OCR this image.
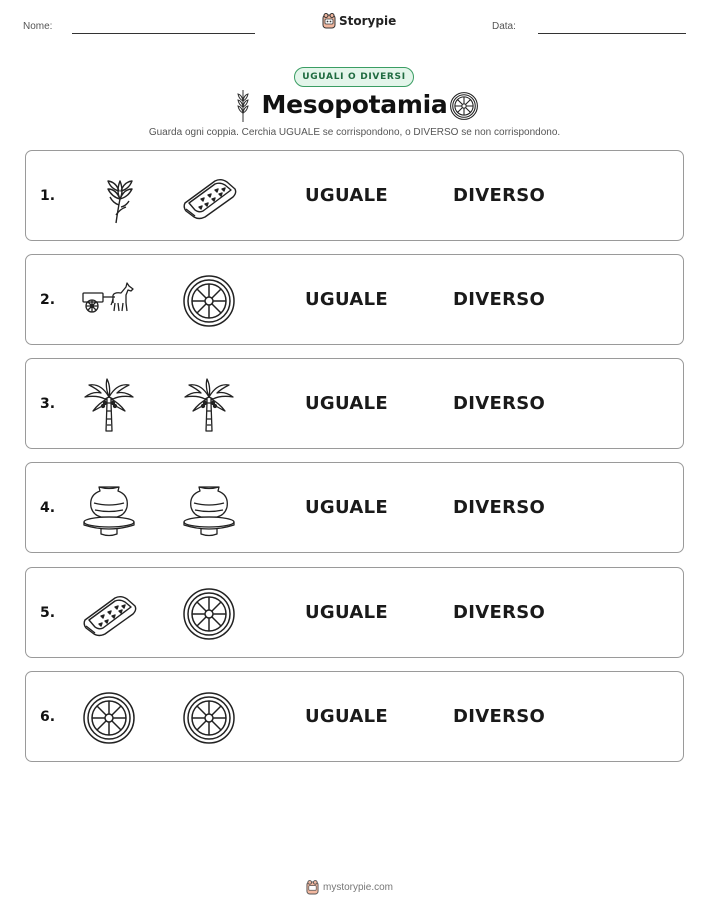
Nome:	Storypie	Data:
UGUALI O DIVERSI
Mesopotamia
Guarda ogni coppia. Cerchia UGUALE se corrispondono, o DIVERSO se non corrispondono.
1.	UGUALE	DIVERSO
2.	UGUALE	DIVERSO
3.	UGUALE	DIVERSO
4.	UGUALE	DIVERSO
5.	UGUALE	DIVERSO
6.	UGUALE	DIVERSO
mystorypie.com
